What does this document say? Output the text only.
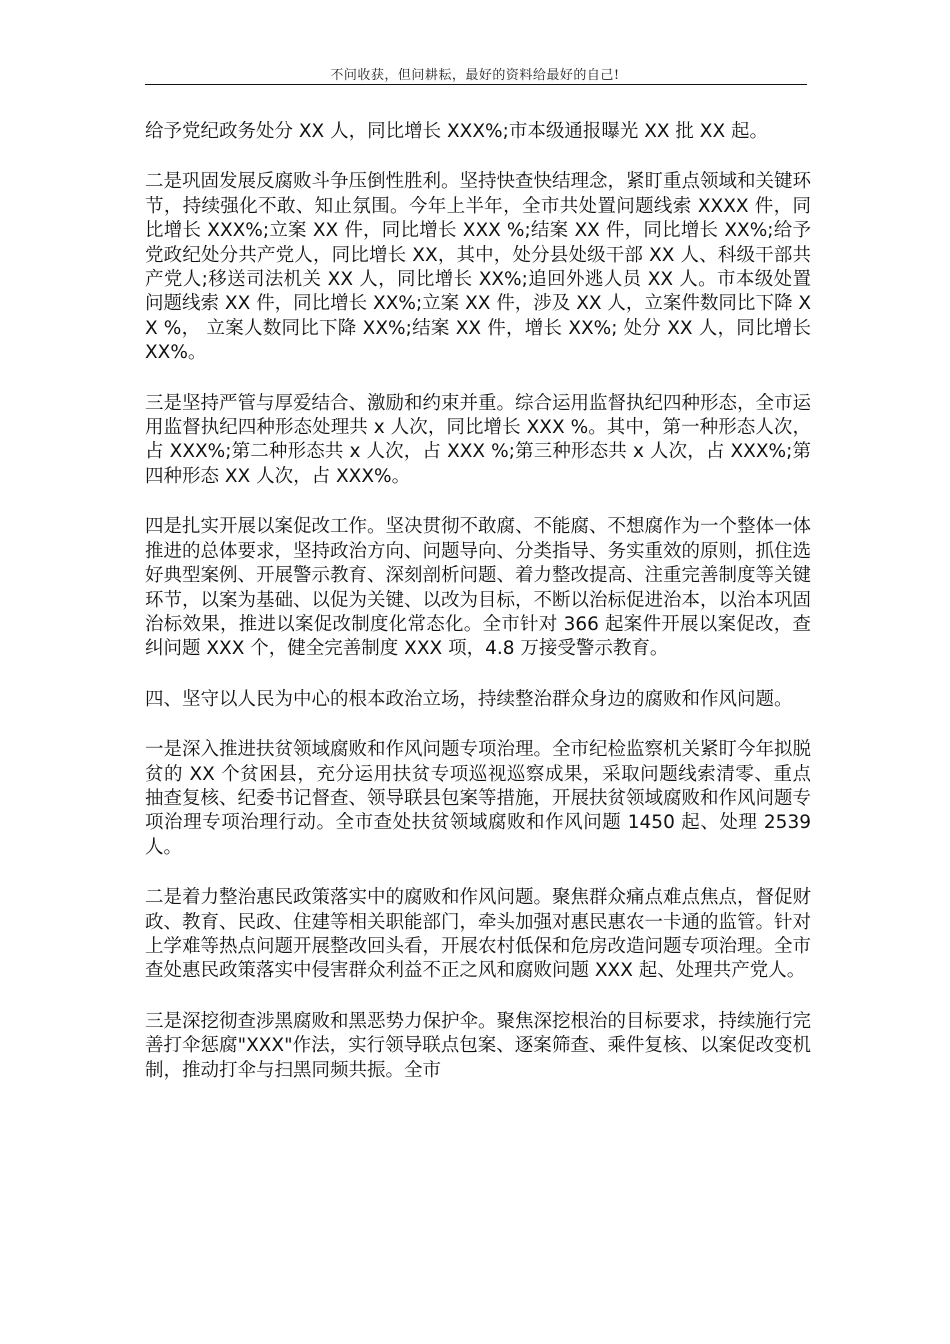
不问收获，但问耕耘，最好的资料给最好的自己!

给予党纪政务处分 XX 人，同比增长 XXX%;市本级通报曝光 XX 批 XX 起。

二是巩固发展反腐败斗争压倒性胜利。坚持快查快结理念，紧盯重点领域和关键环节，持续强化不敢、知止氛围。今年上半年，全市共处置问题线索 XXXX 件，同比增长 XXX%;立案 XX 件，同比增长 XXX %;结案 XX 件，同比增长 XX%;给予党政纪处分共产党人，同比增长 XX，其中，处分县处级干部 XX 人、科级干部共产党人;移送司法机关 XX 人，同比增长 XX%;追回外逃人员 XX 人。市本级处置问题线索 XX 件，同比增长 XX%;立案 XX 件，涉及 XX 人，立案件数同比下降 XX %， 立案人数同比下降 XX%;结案 XX 件，增长 XX%; 处分 XX 人，同比增长 XX%。

三是坚持严管与厚爱结合、激励和约束并重。综合运用监督执纪四种形态，全市运用监督执纪四种形态处理共 x 人次，同比增长 XXX %。其中，第一种形态人次，占 XXX%;第二种形态共 x 人次，占 XXX %;第三种形态共 x 人次，占 XXX%;第四种形态 XX 人次，占 XXX%。

四是扎实开展以案促改工作。坚决贯彻不敢腐、不能腐、不想腐作为一个整体一体推进的总体要求，坚持政治方向、问题导向、分类指导、务实重效的原则，抓住选好典型案例、开展警示教育、深刻剖析问题、着力整改提高、注重完善制度等关键环节，以案为基础、以促为关键、以改为目标，不断以治标促进治本，以治本巩固治标效果，推进以案促改制度化常态化。全市针对 366 起案件开展以案促改，查纠问题 XXX 个，健全完善制度 XXX 项，4.8 万接受警示教育。

四、坚守以人民为中心的根本政治立场，持续整治群众身边的腐败和作风问题。

一是深入推进扶贫领域腐败和作风问题专项治理。全市纪检监察机关紧盯今年拟脱贫的 XX 个贫困县，充分运用扶贫专项巡视巡察成果，采取问题线索清零、重点抽查复核、纪委书记督查、领导联县包案等措施，开展扶贫领域腐败和作风问题专项治理专项治理行动。全市查处扶贫领域腐败和作风问题 1450 起、处理 2539 人。

二是着力整治惠民政策落实中的腐败和作风问题。聚焦群众痛点难点焦点，督促财政、教育、民政、住建等相关职能部门，牵头加强对惠民惠农一卡通的监管。针对上学难等热点问题开展整改回头看，开展农村低保和危房改造问题专项治理。全市查处惠民政策落实中侵害群众利益不正之风和腐败问题 XXX 起、处理共产党人。

三是深挖彻查涉黑腐败和黑恶势力保护伞。聚焦深挖根治的目标要求，持续施行完善打伞惩腐"XXX"作法，实行领导联点包案、逐案筛查、乘件复核、以案促改变机制，推动打伞与扫黑同频共振。全市
